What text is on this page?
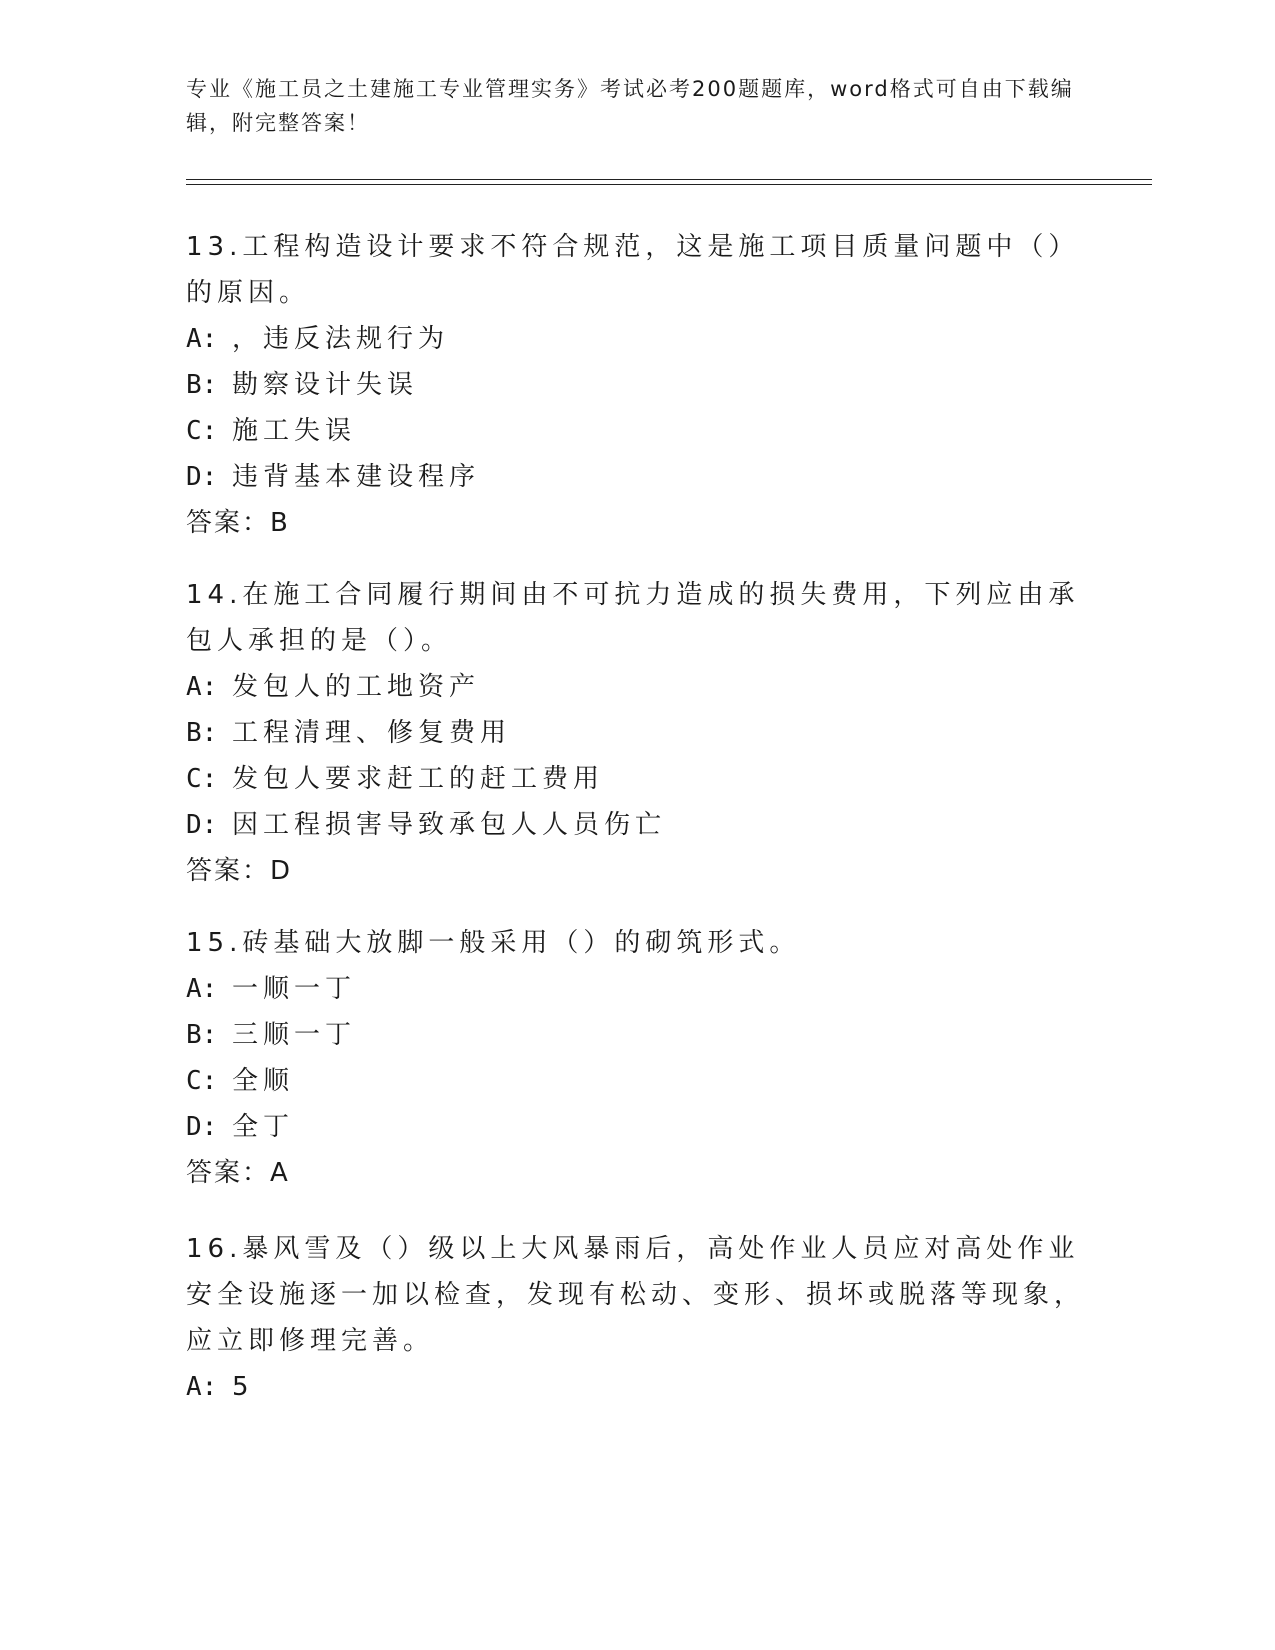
专业《施工员之土建施工专业管理实务》考试必考200题题库，word格式可自由下载编辑，附完整答案！

13.工程构造设计要求不符合规范，这是施工项目质量问题中（）的原因。

A: ，违反法规行为

B: 勘察设计失误

C: 施工失误

D: 违背基本建设程序

答案：B

14.在施工合同履行期间由不可抗力造成的损失费用，下列应由承包人承担的是（）。

A: 发包人的工地资产

B: 工程清理、修复费用

C: 发包人要求赶工的赶工费用

D: 因工程损害导致承包人人员伤亡

答案：D

15.砖基础大放脚一般采用（）的砌筑形式。

A: 一顺一丁

B: 三顺一丁

C: 全顺

D: 全丁

答案：A

16.暴风雪及（）级以上大风暴雨后，高处作业人员应对高处作业安全设施逐一加以检查，发现有松动、变形、损坏或脱落等现象，应立即修理完善。

A: 5
